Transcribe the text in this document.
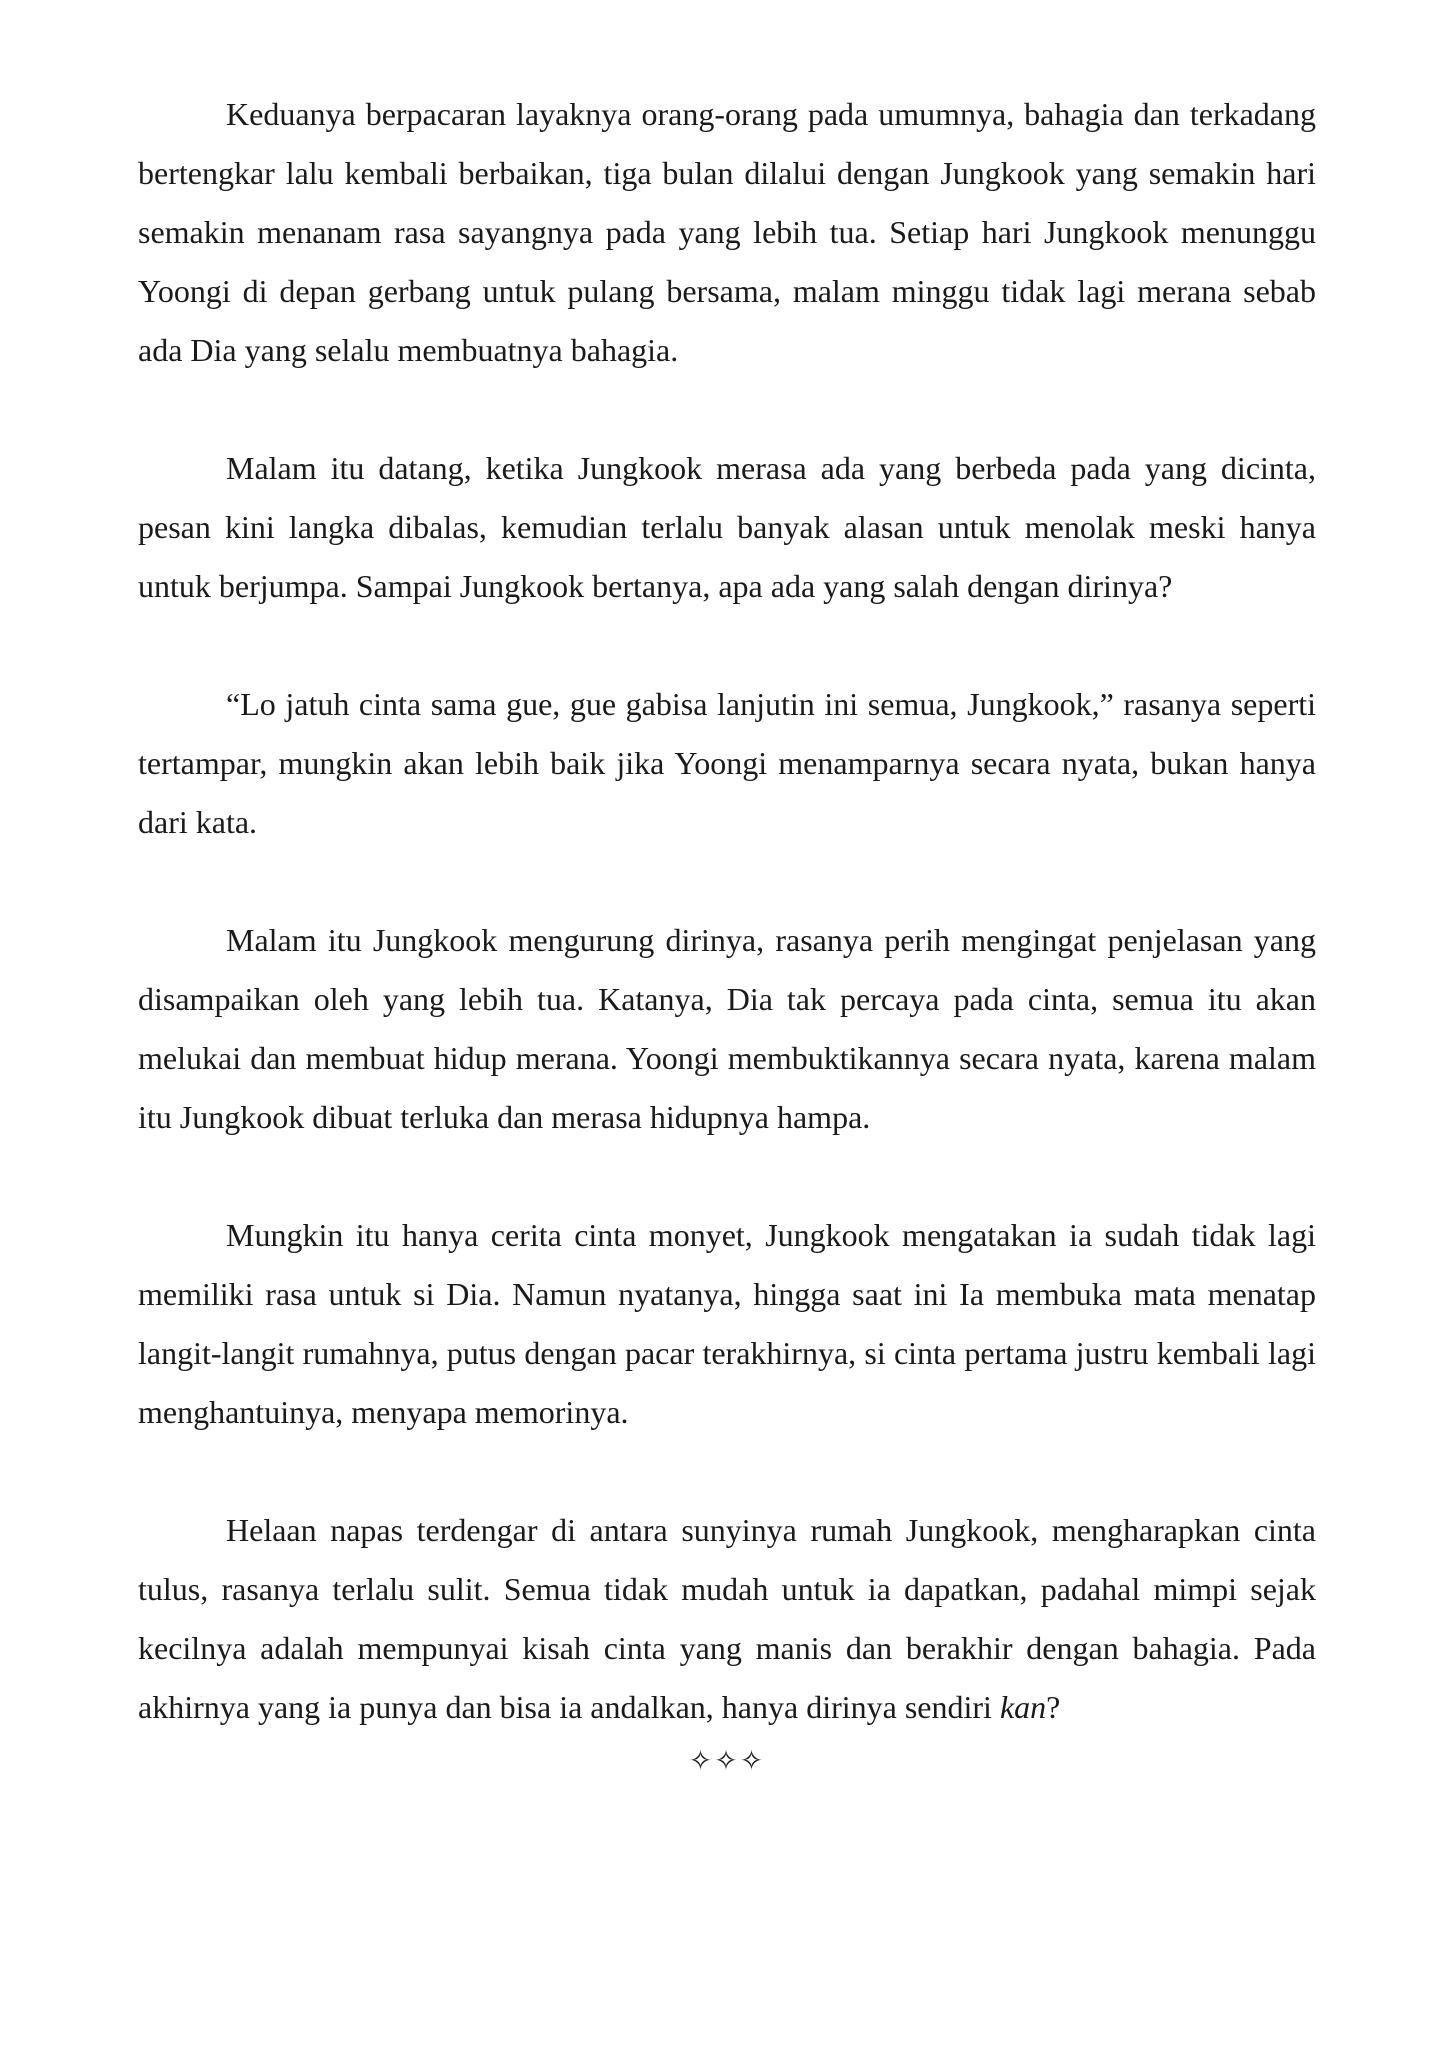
Keduanya berpacaran layaknya orang-orang pada umumnya, bahagia dan terkadang bertengkar lalu kembali berbaikan, tiga bulan dilalui dengan Jungkook yang semakin hari semakin menanam rasa sayangnya pada yang lebih tua. Setiap hari Jungkook menunggu Yoongi di depan gerbang untuk pulang bersama, malam minggu tidak lagi merana sebab ada Dia yang selalu membuatnya bahagia.

Malam itu datang, ketika Jungkook merasa ada yang berbeda pada yang dicinta, pesan kini langka dibalas, kemudian terlalu banyak alasan untuk menolak meski hanya untuk berjumpa. Sampai Jungkook bertanya, apa ada yang salah dengan dirinya?

“Lo jatuh cinta sama gue, gue gabisa lanjutin ini semua, Jungkook,” rasanya seperti tertampar, mungkin akan lebih baik jika Yoongi menamparnya secara nyata, bukan hanya dari kata.

Malam itu Jungkook mengurung dirinya, rasanya perih mengingat penjelasan yang disampaikan oleh yang lebih tua. Katanya, Dia tak percaya pada cinta, semua itu akan melukai dan membuat hidup merana. Yoongi membuktikannya secara nyata, karena malam itu Jungkook dibuat terluka dan merasa hidupnya hampa.

Mungkin itu hanya cerita cinta monyet, Jungkook mengatakan ia sudah tidak lagi memiliki rasa untuk si Dia. Namun nyatanya, hingga saat ini Ia membuka mata menatap langit-langit rumahnya, putus dengan pacar terakhirnya, si cinta pertama justru kembali lagi menghantuinya, menyapa memorinya.

Helaan napas terdengar di antara sunyinya rumah Jungkook, mengharapkan cinta tulus, rasanya terlalu sulit. Semua tidak mudah untuk ia dapatkan, padahal mimpi sejak kecilnya adalah mempunyai kisah cinta yang manis dan berakhir dengan bahagia. Pada akhirnya yang ia punya dan bisa ia andalkan, hanya dirinya sendiri kan?

✧✧✧
